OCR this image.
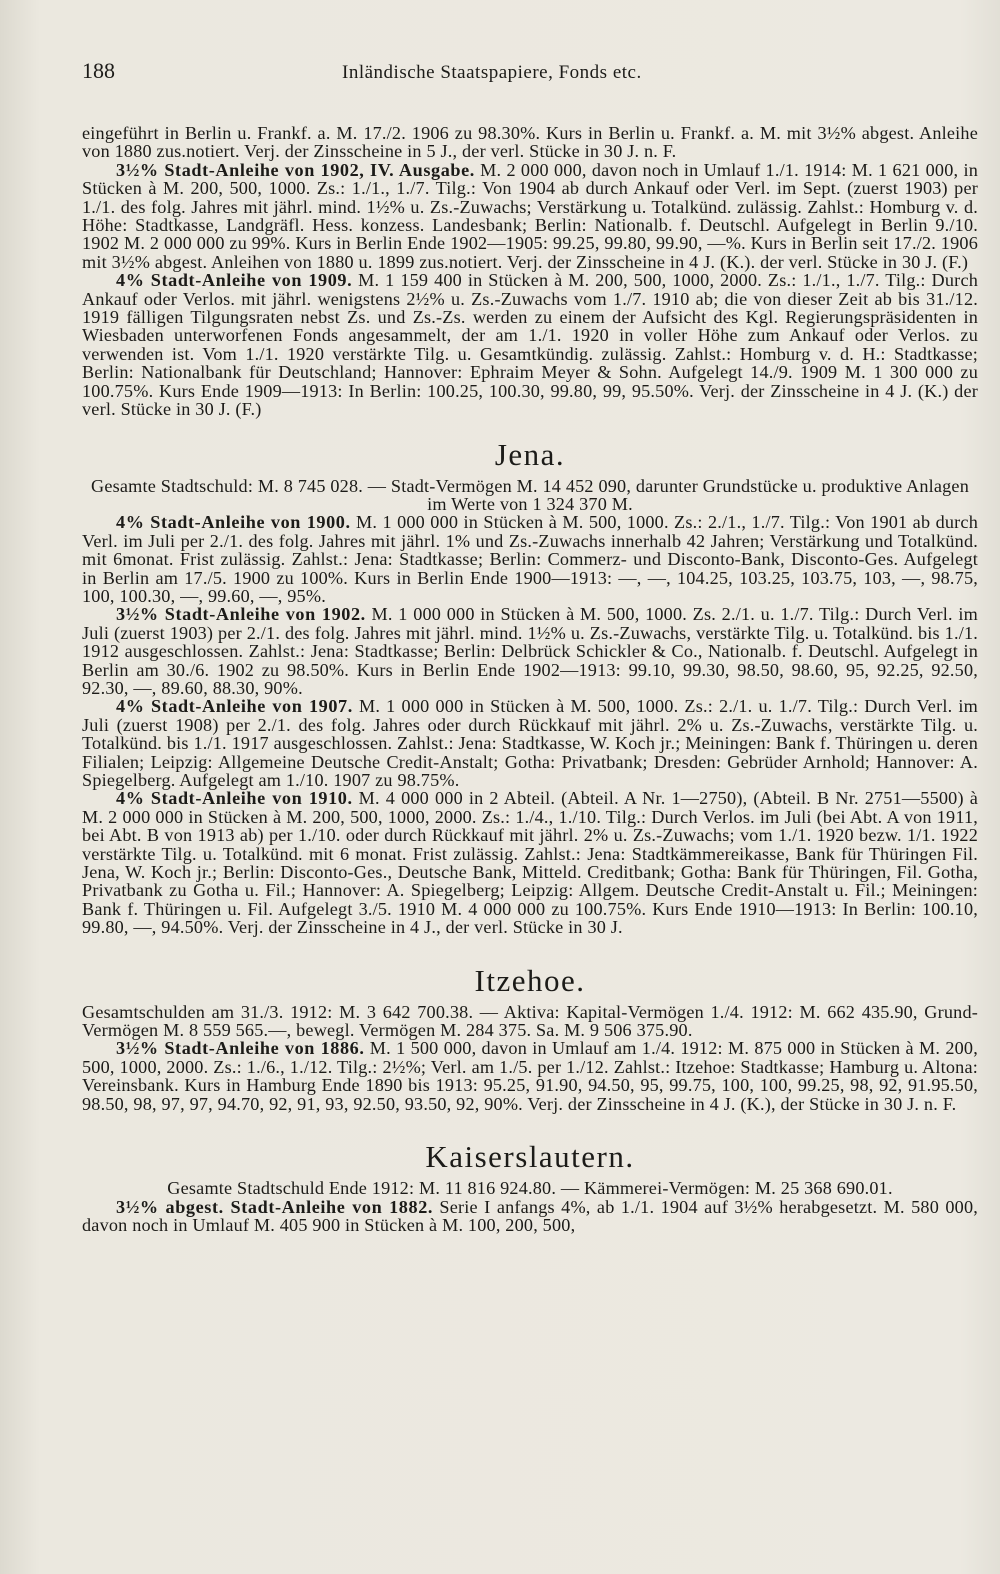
188	Inländische Staatspapiere, Fonds etc.

eingeführt in Berlin u. Frankf. a. M. 17./2. 1906 zu 98.30%. Kurs in Berlin u. Frankf. a. M. mit 3½% abgest. Anleihe von 1880 zus.notiert. Verj. der Zinsscheine in 5 J., der verl. Stücke in 30 J. n. F.

3½% Stadt-Anleihe von 1902, IV. Ausgabe. M. 2 000 000, davon noch in Umlauf 1./1. 1914: M. 1 621 000, in Stücken à M. 200, 500, 1000. Zs.: 1./1., 1./7. Tilg.: Von 1904 ab durch Ankauf oder Verl. im Sept. (zuerst 1903) per 1./1. des folg. Jahres mit jährl. mind. 1½% u. Zs.-Zuwachs; Verstärkung u. Totalkünd. zulässig. Zahlst.: Homburg v. d. Höhe: Stadtkasse, Landgräfl. Hess. konzess. Landesbank; Berlin: Nationalb. f. Deutschl. Aufgelegt in Berlin 9./10. 1902 M. 2 000 000 zu 99%. Kurs in Berlin Ende 1902—1905: 99.25, 99.80, 99.90, —%. Kurs in Berlin seit 17./2. 1906 mit 3½% abgest. Anleihen von 1880 u. 1899 zus.notiert. Verj. der Zinsscheine in 4 J. (K.). der verl. Stücke in 30 J. (F.)

4% Stadt-Anleihe von 1909. M. 1 159 400 in Stücken à M. 200, 500, 1000, 2000. Zs.: 1./1., 1./7. Tilg.: Durch Ankauf oder Verlos. mit jährl. wenigstens 2½% u. Zs.-Zuwachs vom 1./7. 1910 ab; die von dieser Zeit ab bis 31./12. 1919 fälligen Tilgungsraten nebst Zs. und Zs.-Zs. werden zu einem der Aufsicht des Kgl. Regierungspräsidenten in Wiesbaden unterworfenen Fonds angesammelt, der am 1./1. 1920 in voller Höhe zum Ankauf oder Verlos. zu verwenden ist. Vom 1./1. 1920 verstärkte Tilg. u. Gesamtkündig. zulässig. Zahlst.: Homburg v. d. H.: Stadtkasse; Berlin: Nationalbank für Deutschland; Hannover: Ephraim Meyer & Sohn. Aufgelegt 14./9. 1909 M. 1 300 000 zu 100.75%. Kurs Ende 1909—1913: In Berlin: 100.25, 100.30, 99.80, 99, 95.50%. Verj. der Zinsscheine in 4 J. (K.) der verl. Stücke in 30 J. (F.)

Jena.

Gesamte Stadtschuld: M. 8 745 028. — Stadt-Vermögen M. 14 452 090, darunter Grundstücke u. produktive Anlagen im Werte von 1 324 370 M.

4% Stadt-Anleihe von 1900. M. 1 000 000 in Stücken à M. 500, 1000. Zs.: 2./1., 1./7. Tilg.: Von 1901 ab durch Verl. im Juli per 2./1. des folg. Jahres mit jährl. 1% und Zs.-Zuwachs innerhalb 42 Jahren; Verstärkung und Totalkünd. mit 6monat. Frist zulässig. Zahlst.: Jena: Stadtkasse; Berlin: Commerz- und Disconto-Bank, Disconto-Ges. Aufgelegt in Berlin am 17./5. 1900 zu 100%. Kurs in Berlin Ende 1900—1913: —, —, 104.25, 103.25, 103.75, 103, —, 98.75, 100, 100.30, —, 99.60, —, 95%.

3½% Stadt-Anleihe von 1902. M. 1 000 000 in Stücken à M. 500, 1000. Zs. 2./1. u. 1./7. Tilg.: Durch Verl. im Juli (zuerst 1903) per 2./1. des folg. Jahres mit jährl. mind. 1½% u. Zs.-Zuwachs, verstärkte Tilg. u. Totalkünd. bis 1./1. 1912 ausgeschlossen. Zahlst.: Jena: Stadtkasse; Berlin: Delbrück Schickler & Co., Nationalb. f. Deutschl. Aufgelegt in Berlin am 30./6. 1902 zu 98.50%. Kurs in Berlin Ende 1902—1913: 99.10, 99.30, 98.50, 98.60, 95, 92.25, 92.50, 92.30, —, 89.60, 88.30, 90%.

4% Stadt-Anleihe von 1907. M. 1 000 000 in Stücken à M. 500, 1000. Zs.: 2./1. u. 1./7. Tilg.: Durch Verl. im Juli (zuerst 1908) per 2./1. des folg. Jahres oder durch Rückkauf mit jährl. 2% u. Zs.-Zuwachs, verstärkte Tilg. u. Totalkünd. bis 1./1. 1917 ausgeschlossen. Zahlst.: Jena: Stadtkasse, W. Koch jr.; Meiningen: Bank f. Thüringen u. deren Filialen; Leipzig: Allgemeine Deutsche Credit-Anstalt; Gotha: Privatbank; Dresden: Gebrüder Arnhold; Hannover: A. Spiegelberg. Aufgelegt am 1./10. 1907 zu 98.75%.

4% Stadt-Anleihe von 1910. M. 4 000 000 in 2 Abteil. (Abteil. A Nr. 1—2750), (Abteil. B Nr. 2751—5500) à M. 2 000 000 in Stücken à M. 200, 500, 1000, 2000. Zs.: 1./4., 1./10. Tilg.: Durch Verlos. im Juli (bei Abt. A von 1911, bei Abt. B von 1913 ab) per 1./10. oder durch Rückkauf mit jährl. 2% u. Zs.-Zuwachs; vom 1./1. 1920 bezw. 1/1. 1922 verstärkte Tilg. u. Totalkünd. mit 6 monat. Frist zulässig. Zahlst.: Jena: Stadtkämmereikasse, Bank für Thüringen Fil. Jena, W. Koch jr.; Berlin: Disconto-Ges., Deutsche Bank, Mitteld. Creditbank; Gotha: Bank für Thüringen, Fil. Gotha, Privatbank zu Gotha u. Fil.; Hannover: A. Spiegelberg; Leipzig: Allgem. Deutsche Credit-Anstalt u. Fil.; Meiningen: Bank f. Thüringen u. Fil. Aufgelegt 3./5. 1910 M. 4 000 000 zu 100.75%. Kurs Ende 1910—1913: In Berlin: 100.10, 99.80, —, 94.50%. Verj. der Zinsscheine in 4 J., der verl. Stücke in 30 J.

Itzehoe.

Gesamtschulden am 31./3. 1912: M. 3 642 700.38. — Aktiva: Kapital-Vermögen 1./4. 1912: M. 662 435.90, Grund-Vermögen M. 8 559 565.—, bewegl. Vermögen M. 284 375. Sa. M. 9 506 375.90.

3½% Stadt-Anleihe von 1886. M. 1 500 000, davon in Umlauf am 1./4. 1912: M. 875 000 in Stücken à M. 200, 500, 1000, 2000. Zs.: 1./6., 1./12. Tilg.: 2½%; Verl. am 1./5. per 1./12. Zahlst.: Itzehoe: Stadtkasse; Hamburg u. Altona: Vereinsbank. Kurs in Hamburg Ende 1890 bis 1913: 95.25, 91.90, 94.50, 95, 99.75, 100, 100, 99.25, 98, 92, 91.95.50, 98.50, 98, 97, 97, 94.70, 92, 91, 93, 92.50, 93.50, 92, 90%. Verj. der Zinsscheine in 4 J. (K.), der Stücke in 30 J. n. F.

Kaiserslautern.

Gesamte Stadtschuld Ende 1912: M. 11 816 924.80. — Kämmerei-Vermögen: M. 25 368 690.01.

3½% abgest. Stadt-Anleihe von 1882. Serie I anfangs 4%, ab 1./1. 1904 auf 3½% herabgesetzt. M. 580 000, davon noch in Umlauf M. 405 900 in Stücken à M. 100, 200, 500,
